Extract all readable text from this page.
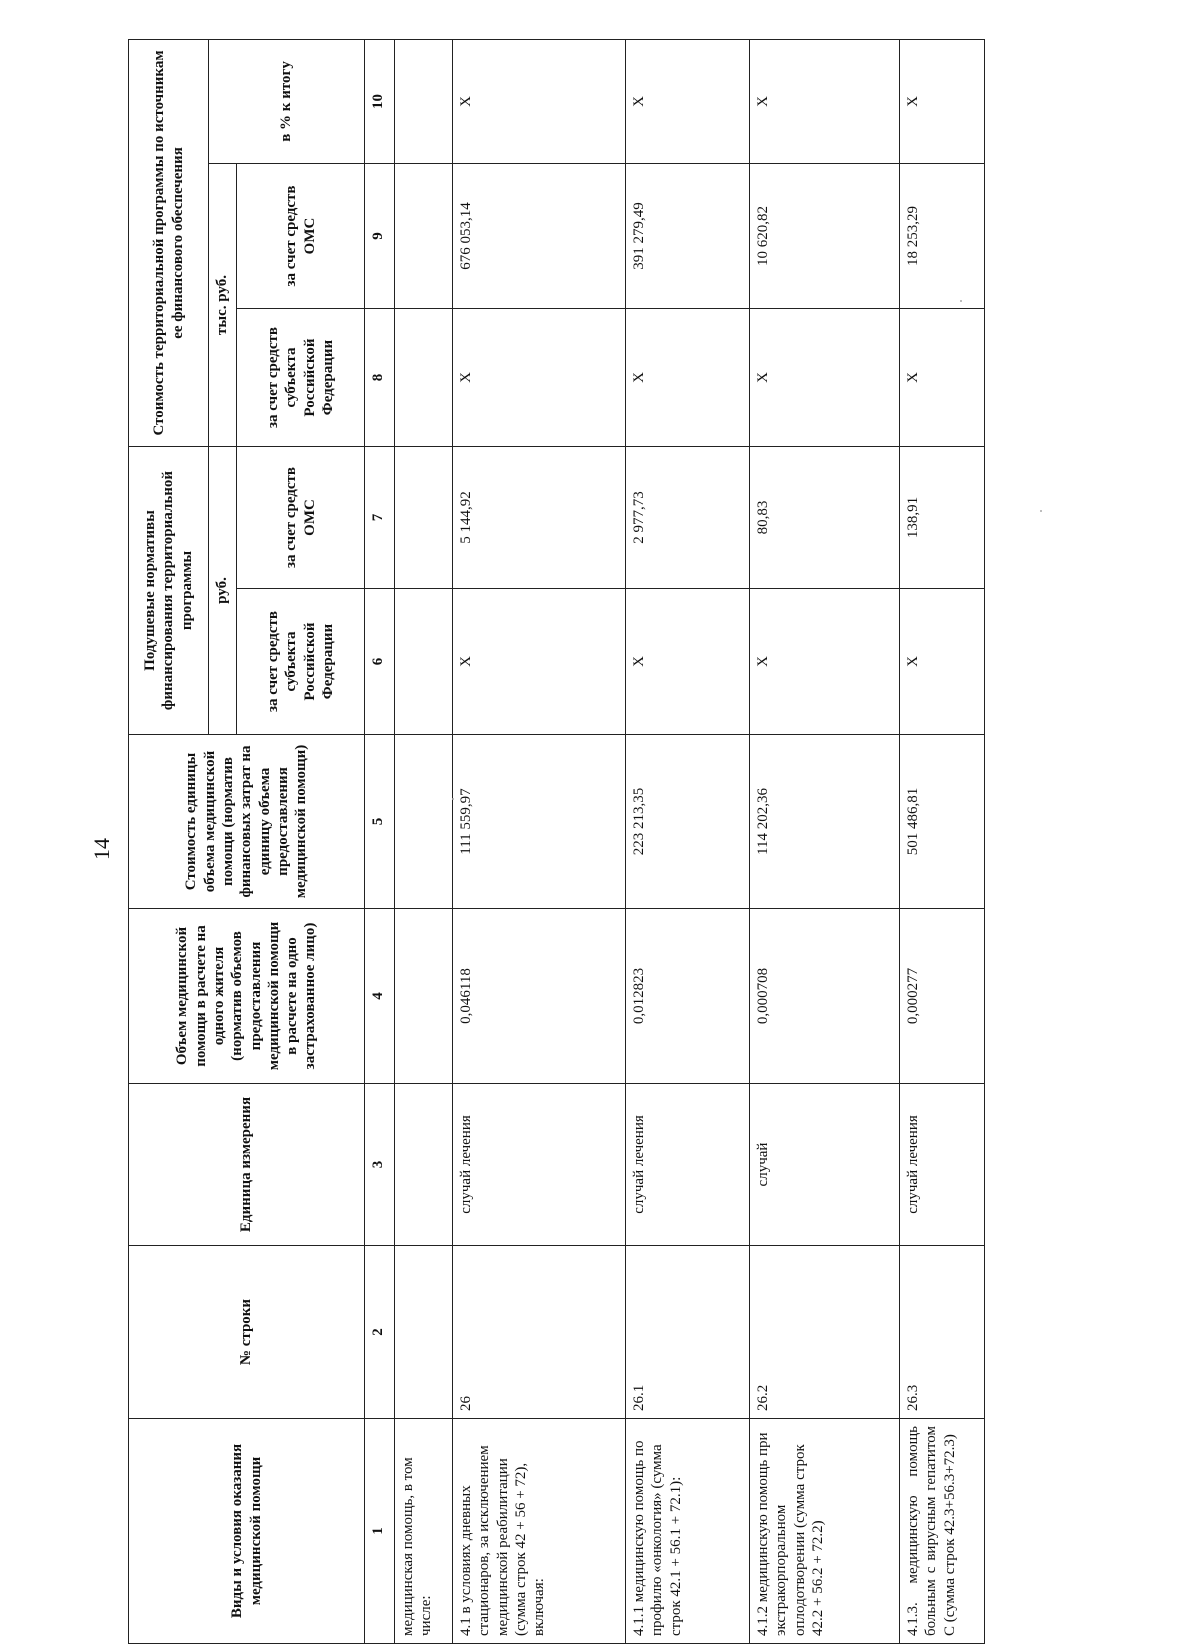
14
Виды и условия оказания медицинской помощи	№ строки	Единица измерения	Объем медицинской помощи в расчете на одного жителя (норматив объемов предоставления медицинской помощи в расчете на одно застрахованное лицо)	Стоимость единицы объема медицинской помощи (норматив финансовых затрат на единицу объема предоставления медицинской помощи)	Подушевые нормативы финансирования территориальной программы		Стоимость территориальной программы по источникам ее финансового обеспечения		
					руб.		тыс. руб.		в % к итогу
					за счет средств субъекта Российской Федерации	за счет средств ОМС	за счет средств субъекта Российской Федерации	за счет средств ОМС	
1	2	3	4	5	6	7	8	9	10
медицинская помощь, в том числе:									
4.1 в условиях дневных стационаров, за исключением медицинской реабилитации (сумма строк 42 + 56 + 72), включая:	26	случай лечения	0,046118	111 559,97	Х	5 144,92	Х	676 053,14	Х
4.1.1 медицинскую помощь по профилю «онкология» (сумма строк 42.1 + 56.1 + 72.1):	26.1	случай лечения	0,012823	223 213,35	Х	2 977,73	Х	391 279,49	Х
4.1.2 медицинскую помощь при экстракорпоральном оплодотворении (сумма строк 42.2 + 56.2 + 72.2)	26.2	случай	0,000708	114 202,36	Х	80,83	Х	10 620,82	Х
4.1.3. медицинскую помощь больным с вирусным гепатитом С (сумма строк 42.3+56.3+72.3)	26.3	случай лечения	0,000277	501 486,81	Х	138,91	Х	18 253,29	Х
